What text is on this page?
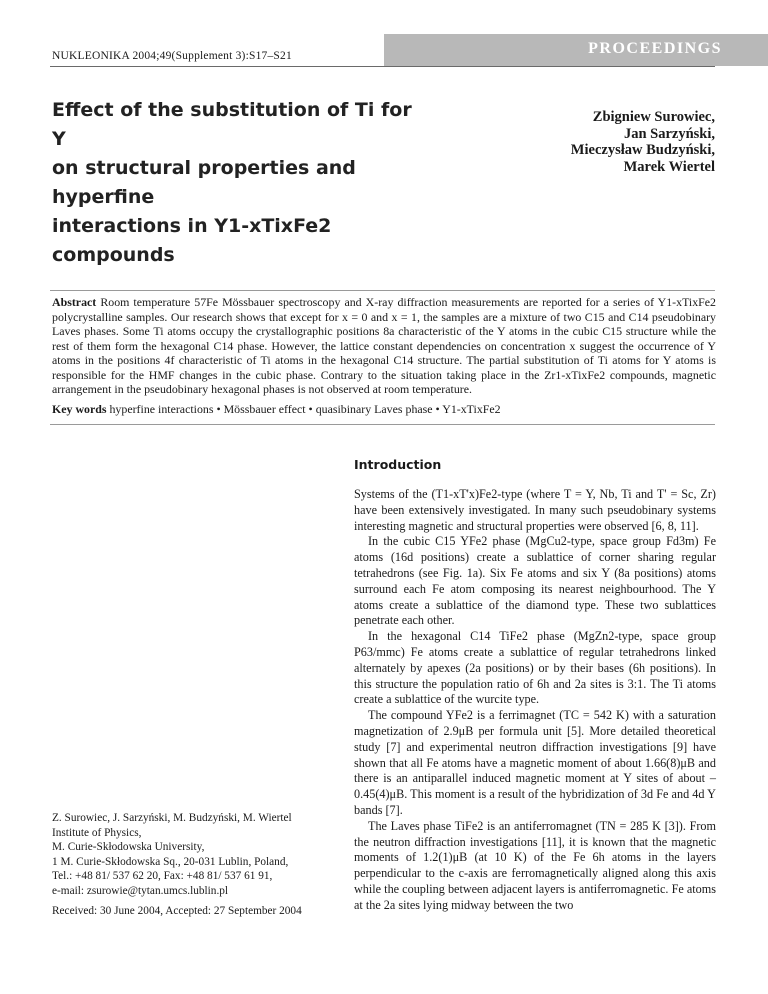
NUKLEONIKA 2004;49(Supplement 3):S17–S21	PROCEEDINGS
Effect of the substitution of Ti for Y
on structural properties and hyperfine
interactions in Y1-xTixFe2 compounds
Zbigniew Surowiec,
Jan Sarzyński,
Mieczysław Budzyński,
Marek Wiertel
Abstract Room temperature 57Fe Mössbauer spectroscopy and X-ray diffraction measurements are reported for a series of Y1-xTixFe2 polycrystalline samples. Our research shows that except for x = 0 and x = 1, the samples are a mixture of two C15 and C14 pseudobinary Laves phases. Some Ti atoms occupy the crystallographic positions 8a characteristic of the Y atoms in the cubic C15 structure while the rest of them form the hexagonal C14 phase. However, the lattice constant dependencies on concentration x suggest the occurrence of Y atoms in the positions 4f characteristic of Ti atoms in the hexagonal C14 structure. The partial substitution of Ti atoms for Y atoms is responsible for the HMF changes in the cubic phase. Contrary to the situation taking place in the Zr1-xTixFe2 compounds, magnetic arrangement in the pseudobinary hexagonal phases is not observed at room temperature.
Key words hyperfine interactions • Mössbauer effect • quasibinary Laves phase • Y1-xTixFe2
Introduction

Systems of the (T1-xT'x)Fe2-type (where T = Y, Nb, Ti and T' = Sc, Zr) have been extensively investigated. In many such pseudobinary systems interesting magnetic and structural properties were observed [6, 8, 11].

In the cubic C15 YFe2 phase (MgCu2-type, space group Fd3m) Fe atoms (16d positions) create a sublattice of corner sharing regular tetrahedrons (see Fig. 1a). Six Fe atoms and six Y (8a positions) atoms surround each Fe atom composing its nearest neighbourhood. The Y atoms create a sublattice of the diamond type. These two sublattices penetrate each other.

In the hexagonal C14 TiFe2 phase (MgZn2-type, space group P63/mmc) Fe atoms create a sublattice of regular tetrahedrons linked alternately by apexes (2a positions) or by their bases (6h positions). In this structure the population ratio of 6h and 2a sites is 3:1. The Ti atoms create a sublattice of the wurcite type.

The compound YFe2 is a ferrimagnet (TC = 542 K) with a saturation magnetization of 2.9μB per formula unit [5]. More detailed theoretical study [7] and experimental neutron diffraction investigations [9] have shown that all Fe atoms have a magnetic moment of about 1.66(8)μB and there is an antiparallel induced magnetic moment at Y sites of about –0.45(4)μB. This moment is a result of the hybridization of 3d Fe and 4d Y bands [7].

The Laves phase TiFe2 is an antiferromagnet (TN = 285 K [3]). From the neutron diffraction investigations [11], it is known that the magnetic moments of 1.2(1)μB (at 10 K) of the Fe 6h atoms in the layers perpendicular to the c-axis are ferromagnetically aligned along this axis while the coupling between adjacent layers is antiferromagnetic. Fe atoms at the 2a sites lying midway between the two

Z. Surowiec, J. Sarzyński, M. Budzyński, M. Wiertel
Institute of Physics,
M. Curie-Skłodowska University,
1 M. Curie-Skłodowska Sq., 20-031 Lublin, Poland,
Tel.: +48 81/ 537 62 20, Fax: +48 81/ 537 61 91,
e-mail: zsurowie@tytan.umcs.lublin.pl
Received: 30 June 2004, Accepted: 27 September 2004
